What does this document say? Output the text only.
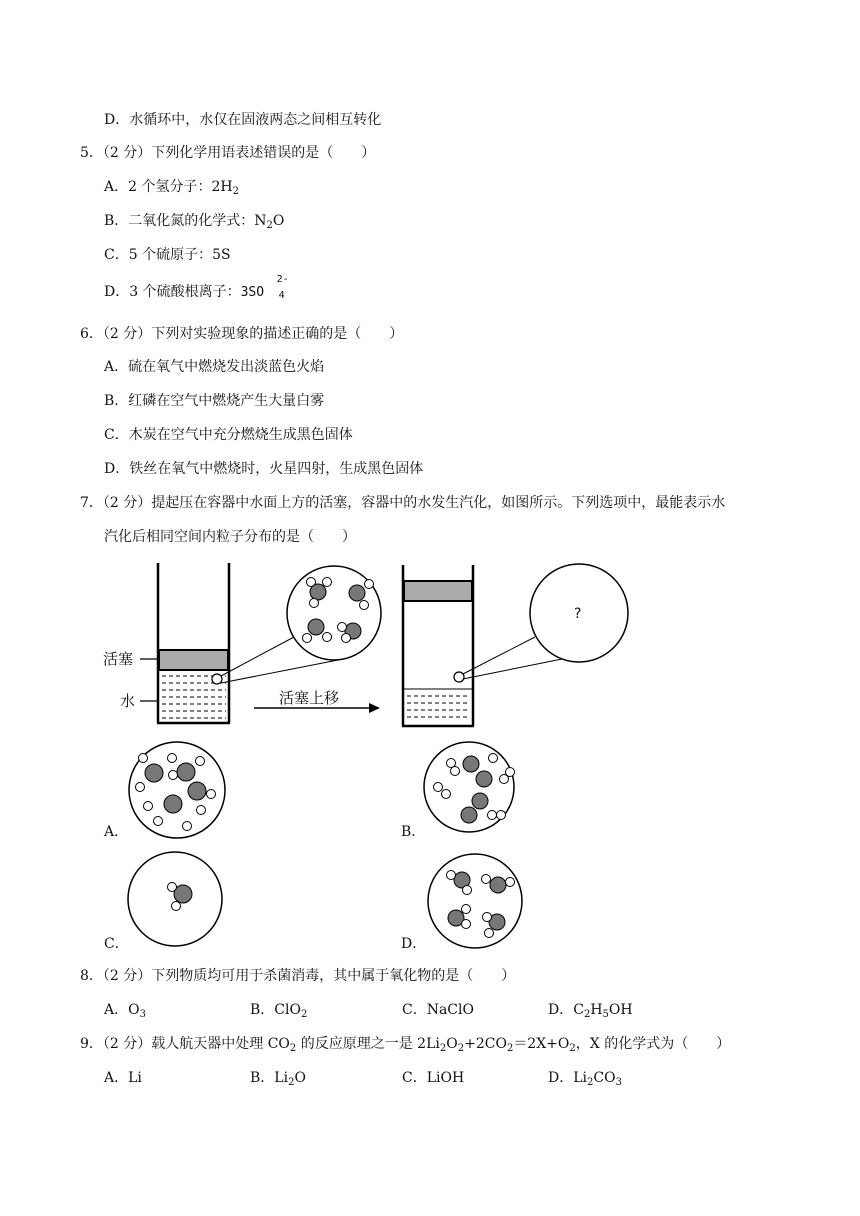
D．水循环中，水仅在固液两态之间相互转化
5．（2 分）下列化学用语表述错误的是（　　）
A．2 个氢分子：$2H_2$
B．二氧化氮的化学式：$N_2O$
C．5 个硫原子：5S
D．3 个硫酸根离子：3SO
2-
4
6．（2 分）下列对实验现象的描述正确的是（　　）
A．硫在氧气中燃烧发出淡蓝色火焰
B．红磷在空气中燃烧产生大量白雾
C．木炭在空气中充分燃烧生成黑色固体
D．铁丝在氧气中燃烧时，火星四射，生成黑色固体
7．（2 分）提起压在容器中水面上方的活塞，容器中的水发生汽化，如图所示。下列选项中，最能表示水
汽化后相同空间内粒子分布的是（　　）
活塞
水	活塞上移
?
A．	B．
C．	D．
8．（2 分）下列物质均可用于杀菌消毒，其中属于氧化物的是（　　）
A．$O_3$	B．ClO$_2$	C．NaClO	D．$C_2H_5OH$
9．（2 分）载人航天器中处理 $CO_2$ 的反应原理之一是 $2Li_2O_2+2CO_2=2X+O_2$，X 的化学式为（　　）
A．Li	B．$Li_2O$	C．LiOH	D．$Li_2CO_3$
